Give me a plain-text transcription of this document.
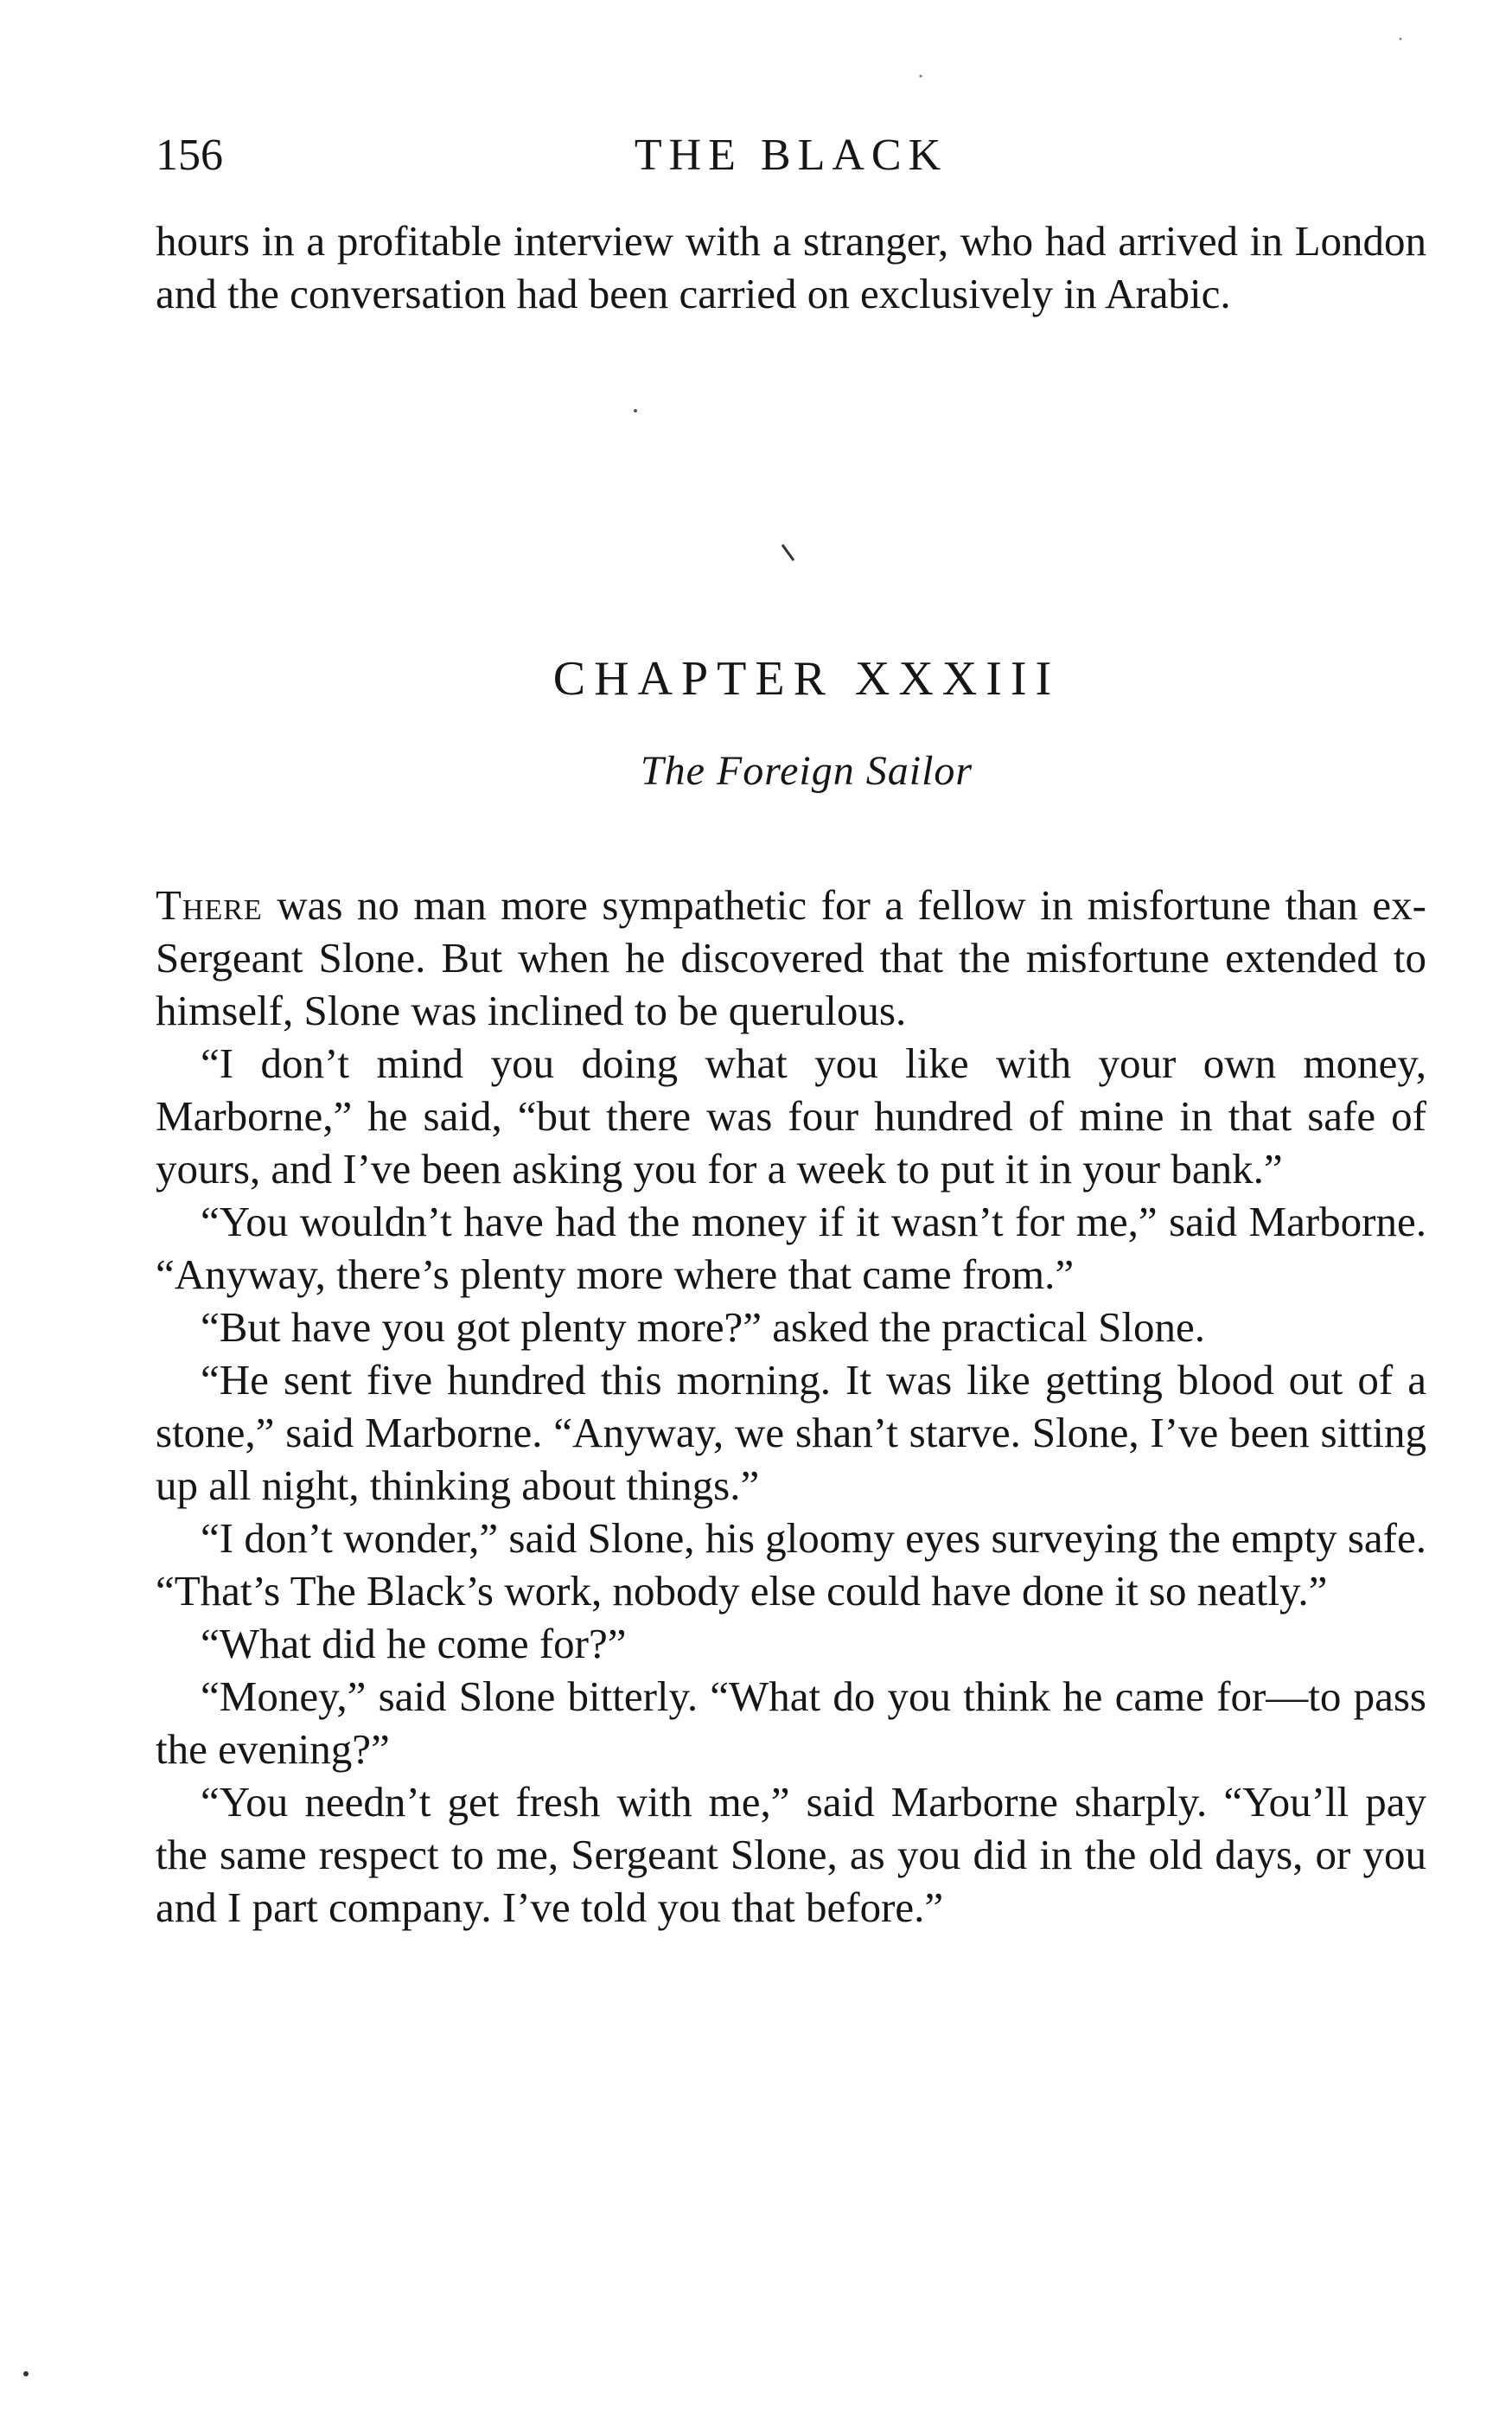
156	THE BLACK

hours in a profitable interview with a stranger, who had arrived in London and the conversation had been carried on exclusively in Arabic.

CHAPTER XXXIII
The Foreign Sailor

There was no man more sympathetic for a fellow in misfortune than ex-Sergeant Slone. But when he discovered that the misfortune extended to himself, Slone was inclined to be querulous.

“I don’t mind you doing what you like with your own money, Marborne,” he said, “but there was four hundred of mine in that safe of yours, and I’ve been asking you for a week to put it in your bank.”

“You wouldn’t have had the money if it wasn’t for me,” said Marborne. “Anyway, there’s plenty more where that came from.”

“But have you got plenty more?” asked the practical Slone.

“He sent five hundred this morning. It was like getting blood out of a stone,” said Marborne. “Anyway, we shan’t starve. Slone, I’ve been sitting up all night, thinking about things.”

“I don’t wonder,” said Slone, his gloomy eyes surveying the empty safe. “That’s The Black’s work, nobody else could have done it so neatly.”

“What did he come for?”

“Money,” said Slone bitterly. “What do you think he came for—to pass the evening?”

“You needn’t get fresh with me,” said Marborne sharply. “You’ll pay the same respect to me, Sergeant Slone, as you did in the old days, or you and I part company. I’ve told you that before.”
